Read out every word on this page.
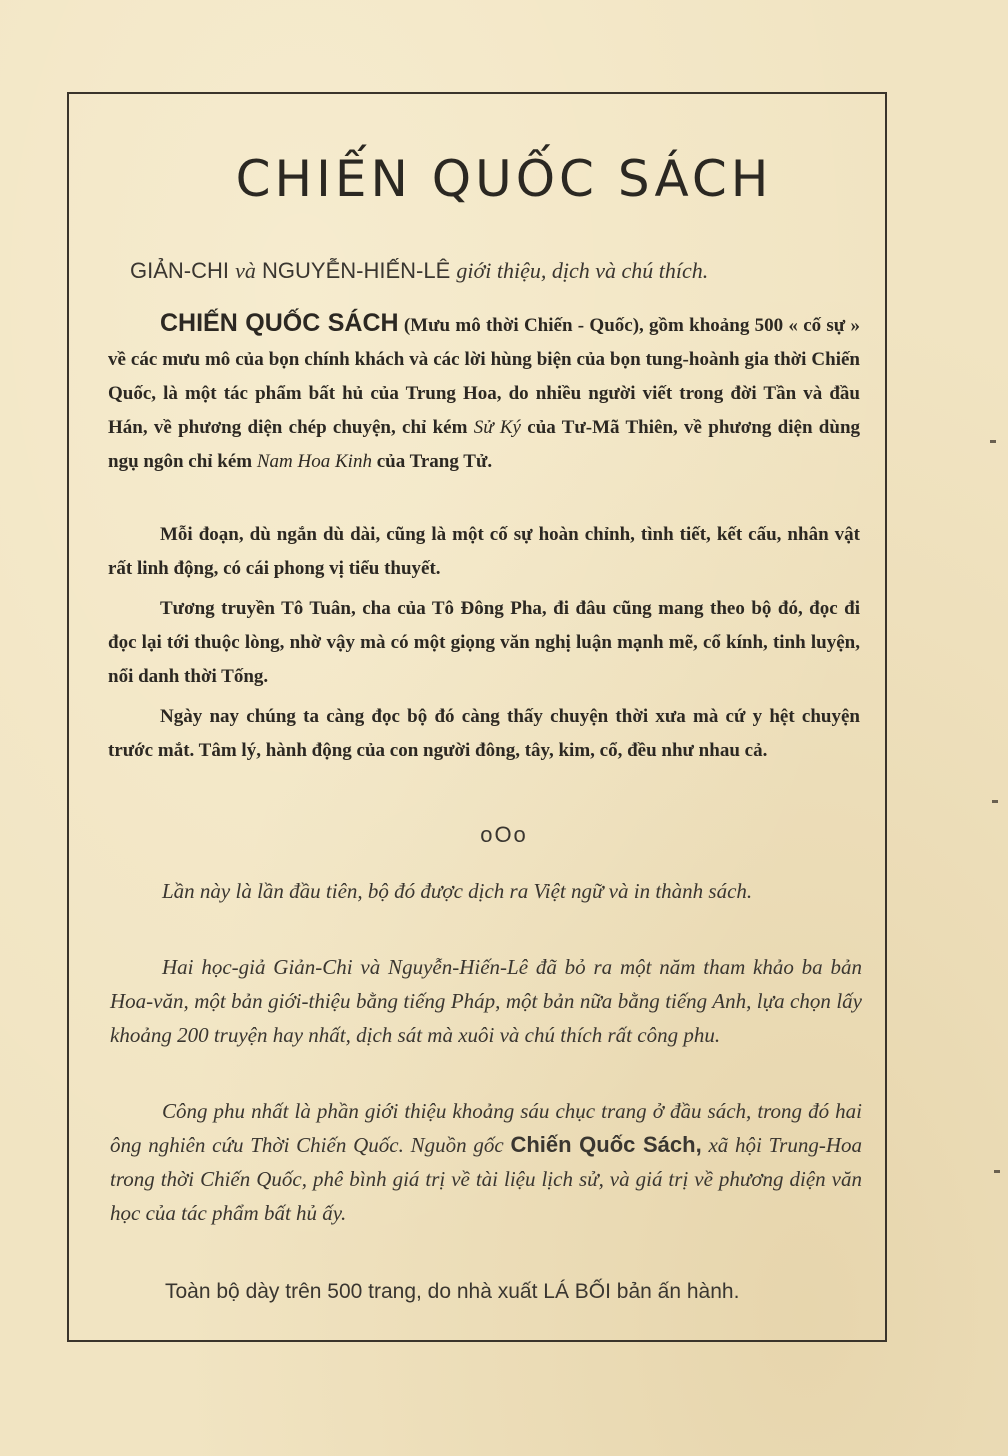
CHIẾN QUỐC SÁCH
GIẢN-CHI và NGUYỄN-HIẾN-LÊ giới thiệu, dịch và chú thích.
CHIẾN QUỐC SÁCH (Mưu mô thời Chiến - Quốc), gồm khoảng 500 « cố sự » về các mưu mô của bọn chính khách và các lời hùng biện của bọn tung-hoành gia thời Chiến Quốc, là một tác phẩm bất hủ của Trung Hoa, do nhiều người viết trong đời Tần và đầu Hán, về phương diện chép chuyện, chỉ kém Sử Ký của Tư-Mã Thiên, về phương diện dùng ngụ ngôn chỉ kém Nam Hoa Kinh của Trang Tử.
Mỗi đoạn, dù ngắn dù dài, cũng là một cố sự hoàn chỉnh, tình tiết, kết cấu, nhân vật rất linh động, có cái phong vị tiểu thuyết.
Tương truyền Tô Tuân, cha của Tô Đông Pha, đi đâu cũng mang theo bộ đó, đọc đi đọc lại tới thuộc lòng, nhờ vậy mà có một giọng văn nghị luận mạnh mẽ, cổ kính, tinh luyện, nổi danh thời Tống.
Ngày nay chúng ta càng đọc bộ đó càng thấy chuyện thời xưa mà cứ y hệt chuyện trước mắt. Tâm lý, hành động của con người đông, tây, kim, cổ, đều như nhau cả.
oOo
Lần này là lần đầu tiên, bộ đó được dịch ra Việt ngữ và in thành sách.
Hai học-giả Giản-Chi và Nguyễn-Hiến-Lê đã bỏ ra một năm tham khảo ba bản Hoa-văn, một bản giới-thiệu bằng tiếng Pháp, một bản nữa bằng tiếng Anh, lựa chọn lấy khoảng 200 truyện hay nhất, dịch sát mà xuôi và chú thích rất công phu.
Công phu nhất là phần giới thiệu khoảng sáu chục trang ở đầu sách, trong đó hai ông nghiên cứu Thời Chiến Quốc. Nguồn gốc Chiến Quốc Sách, xã hội Trung-Hoa trong thời Chiến Quốc, phê bình giá trị về tài liệu lịch sử, và giá trị về phương diện văn học của tác phẩm bất hủ ấy.
Toàn bộ dày trên 500 trang, do nhà xuất LÁ BỐI bản ấn hành.
